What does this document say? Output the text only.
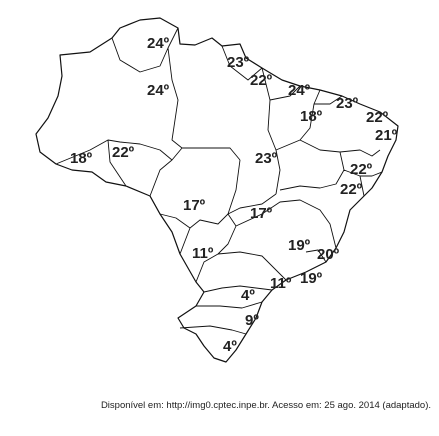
24º
23º
24º
22º
24º
23º
22º
18º
21º
18º 22º	23º
22º
22º
17º	17º
19º
11º	20º
11º 19º
4º
9º
4º
Disponível em: http://img0.cptec.inpe.br. Acesso em: 25 ago. 2014 (adaptado).
